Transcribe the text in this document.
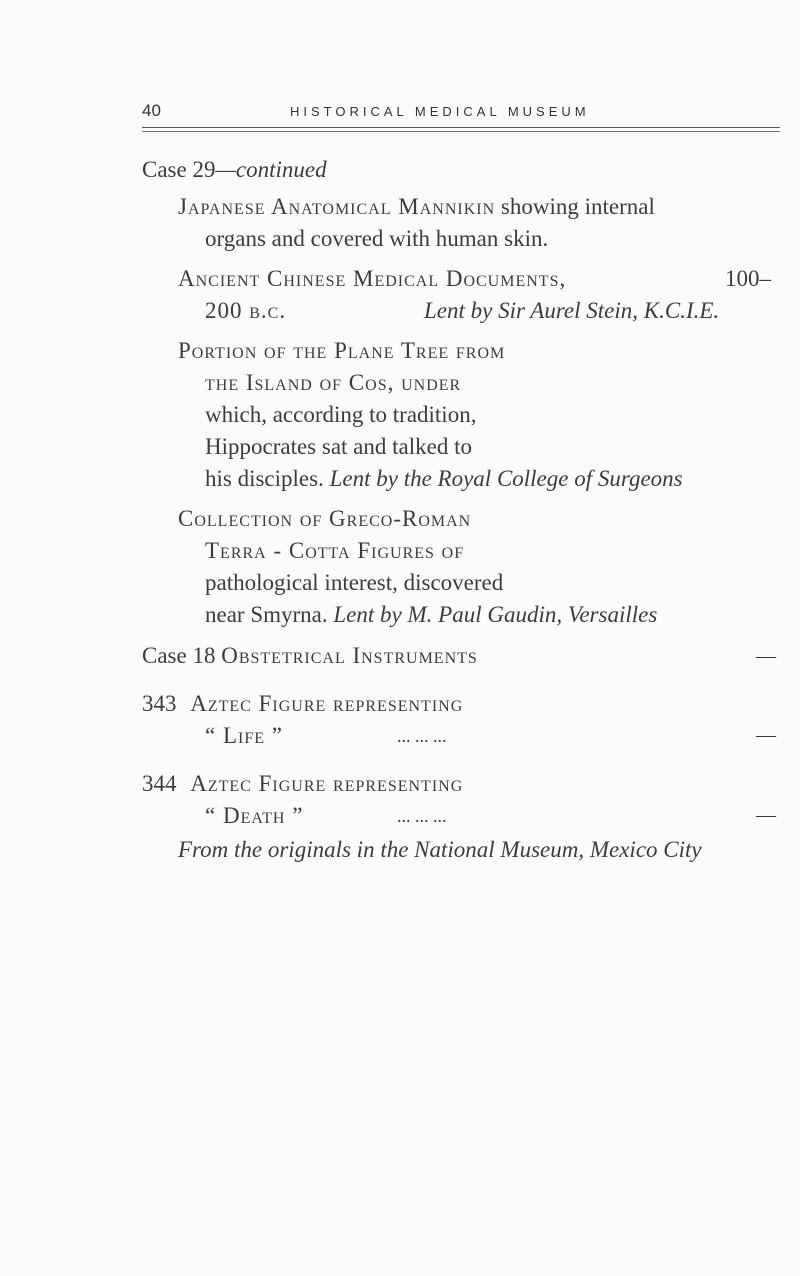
40	HISTORICAL MEDICAL MUSEUM
Case 29—continued
Japanese Anatomical Mannikin showing internal
organs and covered with human skin.
Ancient Chinese Medical Documents,	100–
200 b.c.	Lent by Sir Aurel Stein, K.C.I.E.
Portion of the Plane Tree from
the Island of Cos, under
which, according to tradition,
Hippocrates sat and talked to
his disciples. Lent by the Royal College of Surgeons
Collection of Greco-Roman
Terra - Cotta Figures of
pathological interest, discovered
near Smyrna. Lent by M. Paul Gaudin, Versailles
Case 18 Obstetrical Instruments	—
343 Aztec Figure representing
“ Life ”	... ... ...	—
344 Aztec Figure representing
“ Death ”	... ... ...	—
From the originals in the National Museum, Mexico City
